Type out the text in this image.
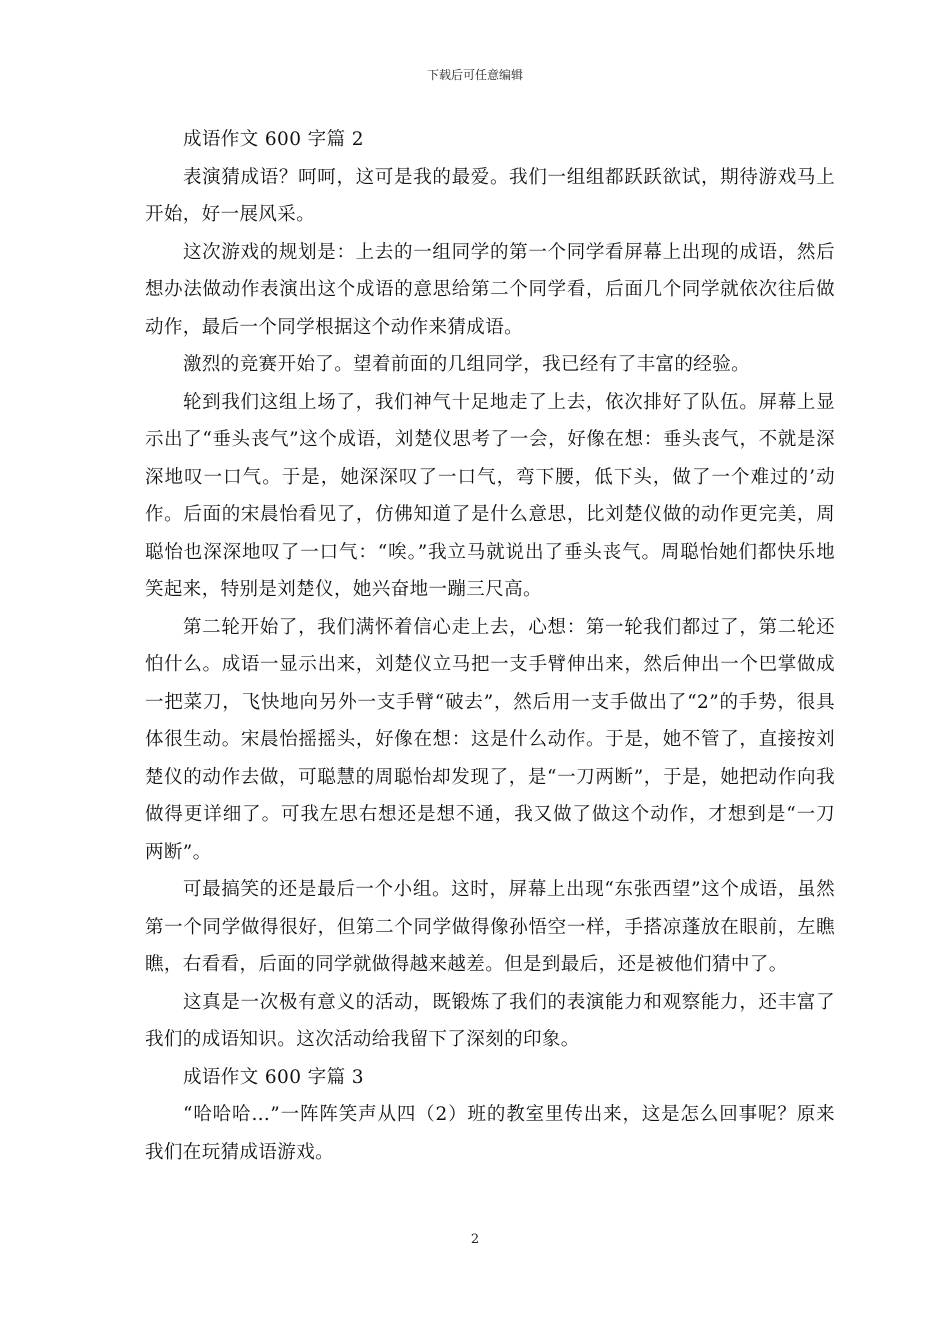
下载后可任意编辑

成语作文 600 字篇 2

表演猜成语？呵呵，这可是我的最爱。我们一组组都跃跃欲试，期待游戏马上开始，好一展风采。

这次游戏的规划是：上去的一组同学的第一个同学看屏幕上出现的成语，然后想办法做动作表演出这个成语的意思给第二个同学看，后面几个同学就依次往后做动作，最后一个同学根据这个动作来猜成语。

激烈的竞赛开始了。望着前面的几组同学，我已经有了丰富的经验。

轮到我们这组上场了，我们神气十足地走了上去，依次排好了队伍。屏幕上显示出了“垂头丧气”这个成语，刘楚仪思考了一会，好像在想：垂头丧气，不就是深深地叹一口气。于是，她深深叹了一口气，弯下腰，低下头，做了一个难过的’动作。后面的宋晨怡看见了，仿佛知道了是什么意思，比刘楚仪做的动作更完美，周聪怡也深深地叹了一口气：“唉。”我立马就说出了垂头丧气。周聪怡她们都快乐地笑起来，特别是刘楚仪，她兴奋地一蹦三尺高。

第二轮开始了，我们满怀着信心走上去，心想：第一轮我们都过了，第二轮还怕什么。成语一显示出来，刘楚仪立马把一支手臂伸出来，然后伸出一个巴掌做成一把菜刀，飞快地向另外一支手臂“破去”，然后用一支手做出了“2”的手势，很具体很生动。宋晨怡摇摇头，好像在想：这是什么动作。于是，她不管了，直接按刘楚仪的动作去做，可聪慧的周聪怡却发现了，是“一刀两断”，于是，她把动作向我做得更详细了。可我左思右想还是想不通，我又做了做这个动作，才想到是“一刀两断”。

可最搞笑的还是最后一个小组。这时，屏幕上出现“东张西望”这个成语，虽然第一个同学做得很好，但第二个同学做得像孙悟空一样，手搭凉蓬放在眼前，左瞧瞧，右看看，后面的同学就做得越来越差。但是到最后，还是被他们猜中了。

这真是一次极有意义的活动，既锻炼了我们的表演能力和观察能力，还丰富了我们的成语知识。这次活动给我留下了深刻的印象。

成语作文 600 字篇 3

“哈哈哈…”一阵阵笑声从四（2）班的教室里传出来，这是怎么回事呢？原来我们在玩猜成语游戏。

2
